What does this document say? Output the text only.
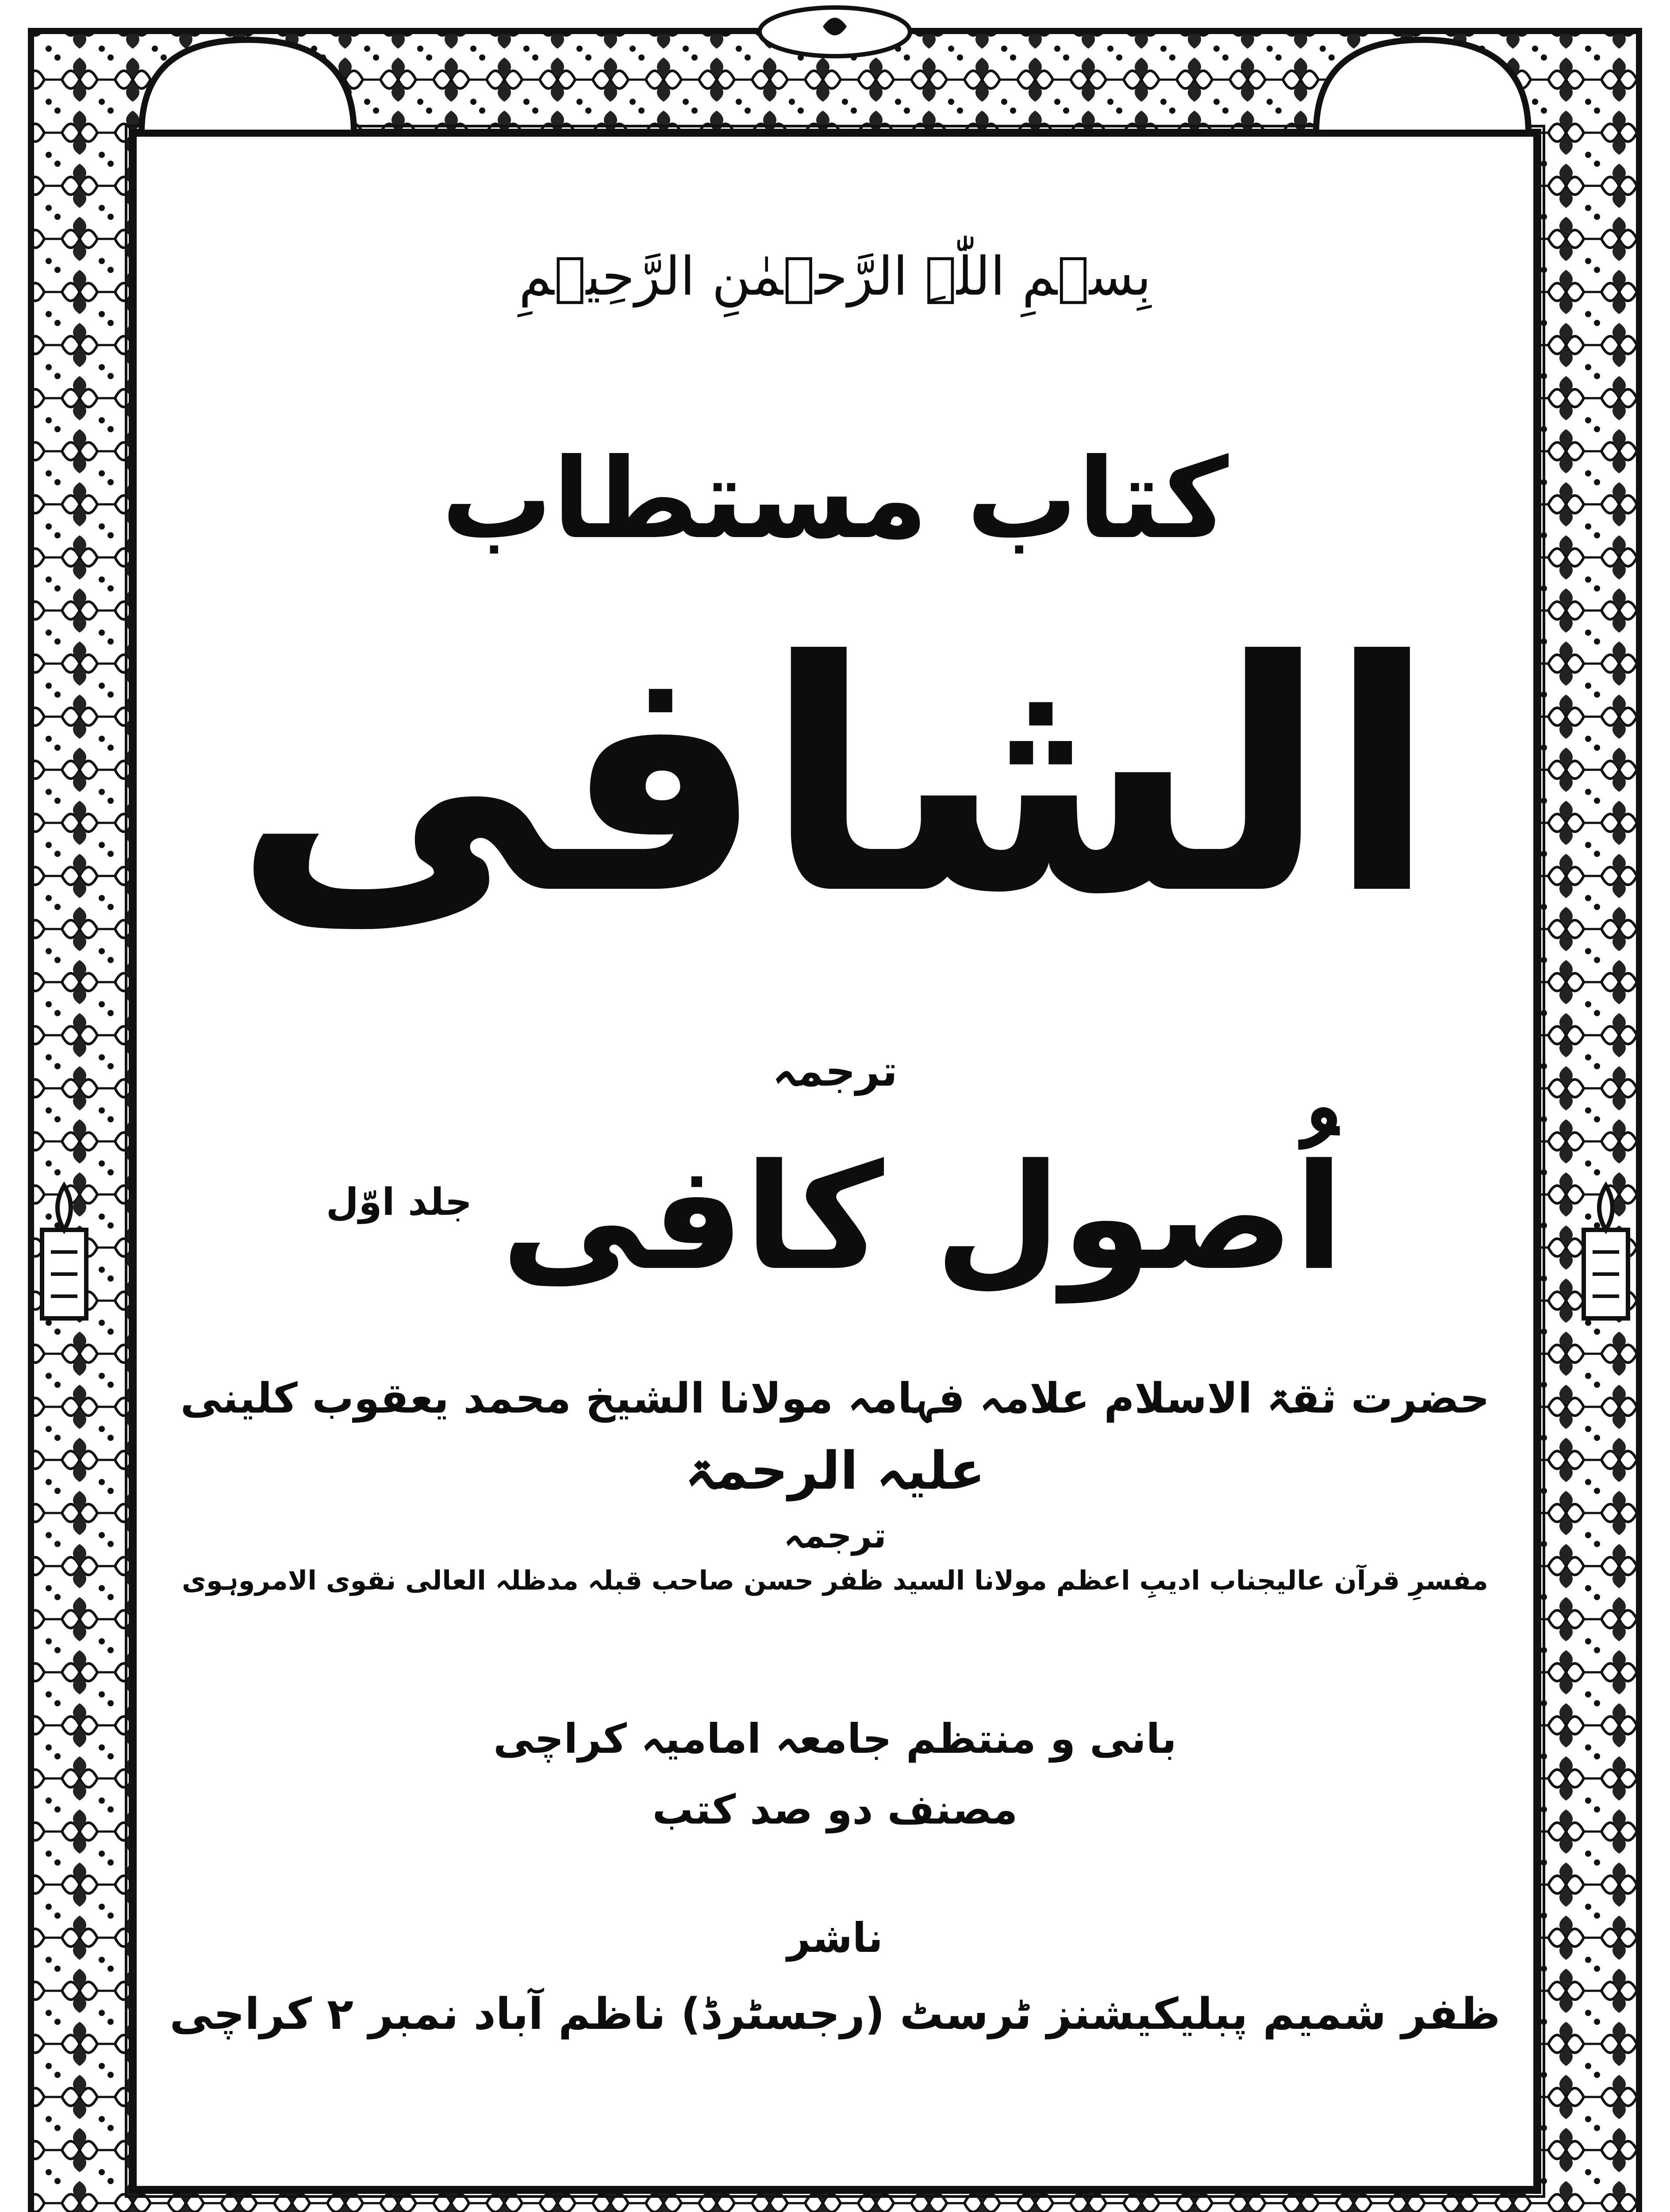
بِسۡمِ اللّٰہِ الرَّحۡمٰنِ الرَّحِیۡمِ
کتاب مستطاب
الشافی
ترجمہ
اُصول کافی جلد اوّل
حضرت ثقۃ الاسلام علامہ فہامہ مولانا الشیخ محمد یعقوب کلینی
علیہ الرحمۃ
ترجمہ
مفسرِ قرآن عالیجناب ادیبِ اعظم مولانا السید ظفر حسن صاحب قبلہ مدظلہ العالی نقوی الامروہوی
بانی و منتظم جامعہ امامیہ کراچی
مصنف دو صد کتب
ناشر
ظفر شمیم پبلیکیشنز ٹرسٹ (رجسٹرڈ) ناظم آباد نمبر ۲ کراچی
